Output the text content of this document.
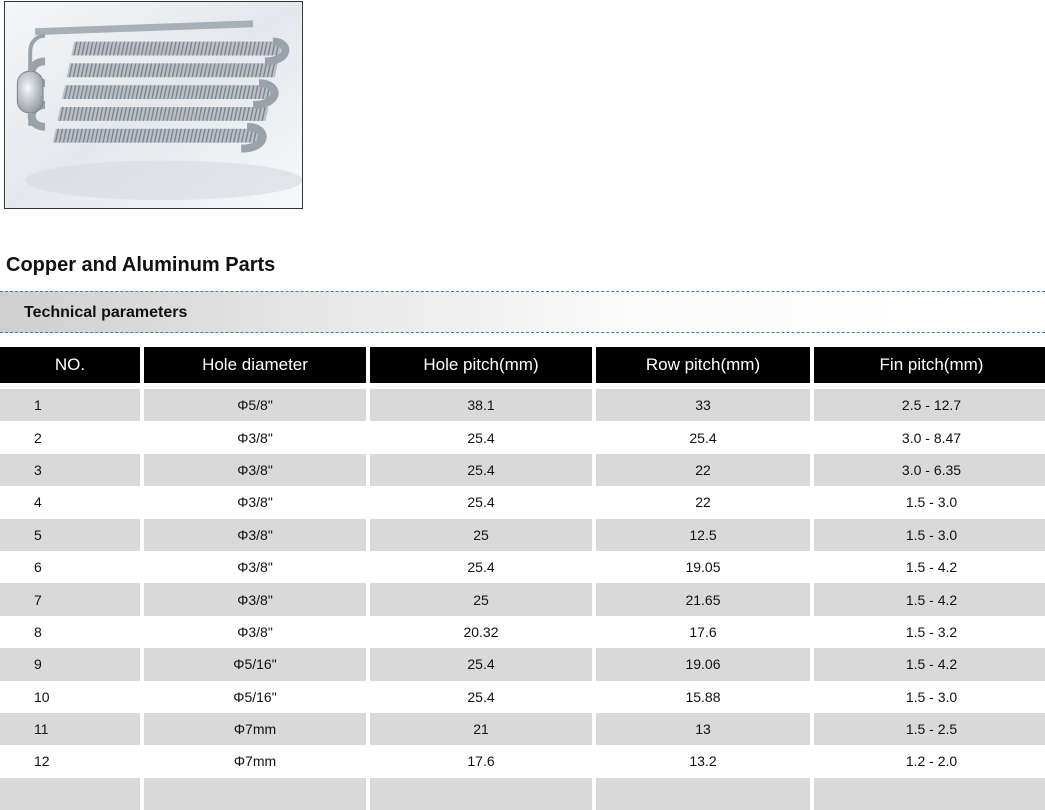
Copper and Aluminum Parts
Technical parameters
NO.	Hole diameter	Hole pitch(mm)	Row pitch(mm)	Fin pitch(mm)

1	Φ5/8"	38.1	33	2.5 - 12.7
2	Φ3/8"	25.4	25.4	3.0 - 8.47
3	Φ3/8"	25.4	22	3.0 - 6.35
4	Φ3/8"	25.4	22	1.5 - 3.0
5	Φ3/8"	25	12.5	1.5 - 3.0
6	Φ3/8"	25.4	19.05	1.5 - 4.2
7	Φ3/8"	25	21.65	1.5 - 4.2
8	Φ3/8"	20.32	17.6	1.5 - 3.2
9	Φ5/16"	25.4	19.06	1.5 - 4.2
10	Φ5/16"	25.4	15.88	1.5 - 3.0
11	Φ7mm	21	13	1.5 - 2.5
12	Φ7mm	17.6	13.2	1.2 - 2.0
